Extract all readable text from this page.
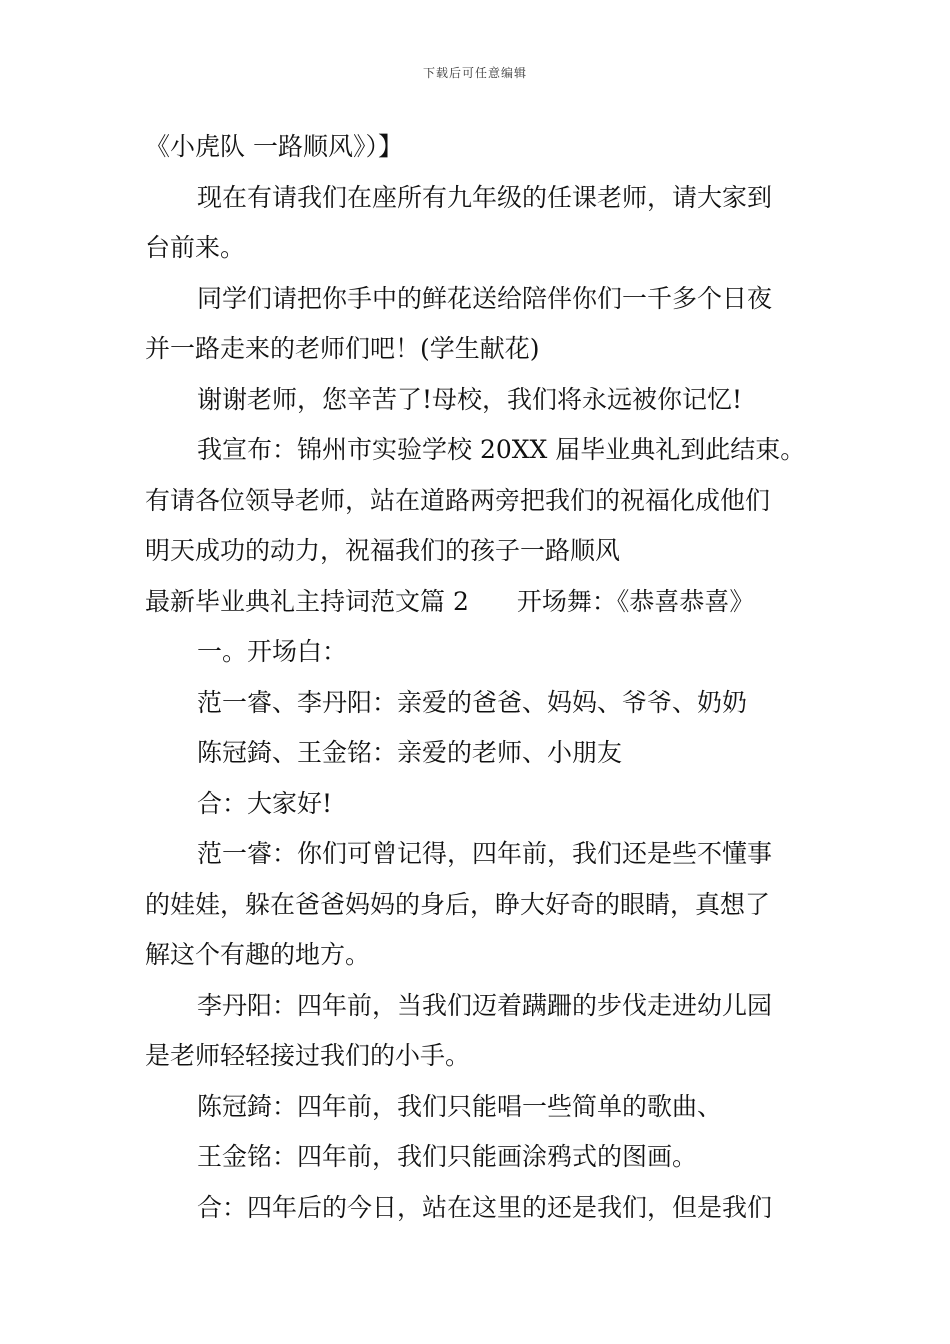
下载后可任意编辑
《小虎队 一路顺风》）】
现在有请我们在座所有九年级的任课老师，请大家到
台前来。
同学们请把你手中的鲜花送给陪伴你们一千多个日夜
并一路走来的老师们吧！(学生献花)
谢谢老师，您辛苦了!母校，我们将永远被你记忆!
我宣布：锦州市实验学校 20XX 届毕业典礼到此结束。
有请各位领导老师，站在道路两旁把我们的祝福化成他们
明天成功的动力，祝福我们的孩子一路顺风
最新毕业典礼主持词范文篇 2 开场舞：《恭喜恭喜》
一。开场白：
范一睿、李丹阳：亲爱的爸爸、妈妈、爷爷、奶奶
陈冠錡、王金铭：亲爱的老师、小朋友
合：大家好!
范一睿：你们可曾记得，四年前，我们还是些不懂事
的娃娃，躲在爸爸妈妈的身后，睁大好奇的眼睛，真想了
解这个有趣的地方。
李丹阳：四年前，当我们迈着蹒跚的步伐走进幼儿园
是老师轻轻接过我们的小手。
陈冠錡：四年前，我们只能唱一些简单的歌曲、
王金铭：四年前，我们只能画涂鸦式的图画。
合：四年后的今日，站在这里的还是我们，但是我们
